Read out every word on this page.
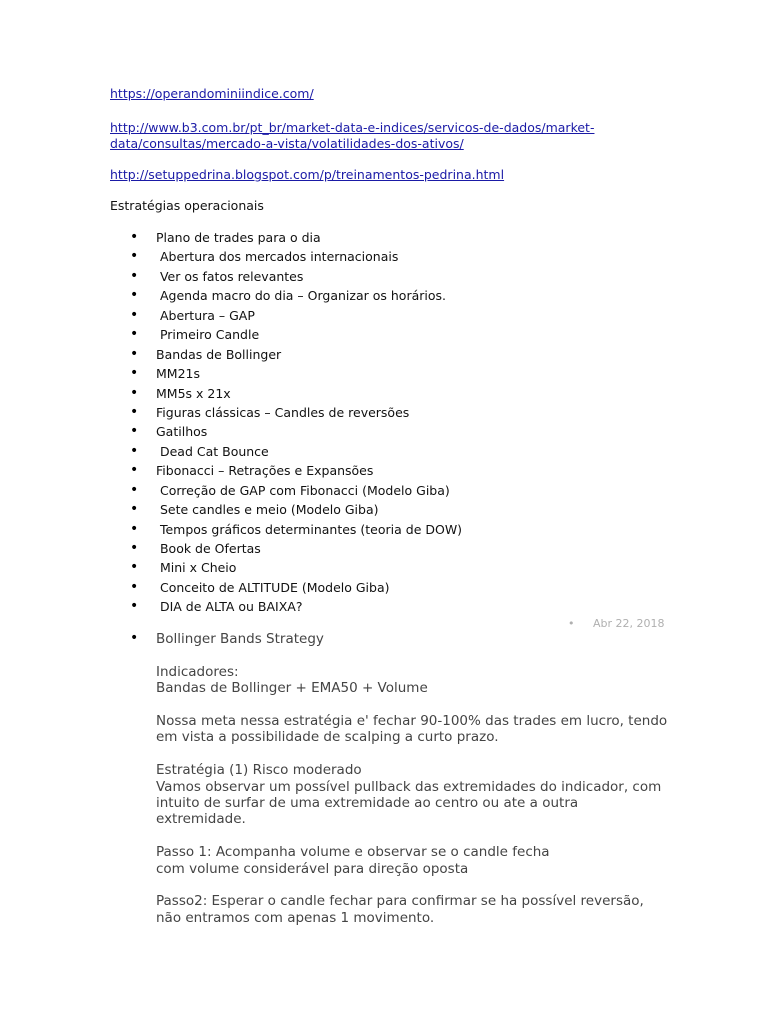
https://operandominiindice.com/
http://www.b3.com.br/pt_br/market-data-e-indices/servicos-de-dados/market-
data/consultas/mercado-a-vista/volatilidades-dos-ativos/
http://setuppedrina.blogspot.com/p/treinamentos-pedrina.html
Estratégias operacionais
• Plano de trades para o dia
•  Abertura dos mercados internacionais
•  Ver os fatos relevantes
•  Agenda macro do dia – Organizar os horários.
•  Abertura – GAP
•  Primeiro Candle
• Bandas de Bollinger
• MM21s
• MM5s x 21x
• Figuras clássicas – Candles de reversões
• Gatilhos
•  Dead Cat Bounce
• Fibonacci – Retrações e Expansões
•  Correção de GAP com Fibonacci (Modelo Giba)
•  Sete candles e meio (Modelo Giba)
•  Tempos gráficos determinantes (teoria de DOW)
•  Book de Ofertas
•  Mini x Cheio
•  Conceito de ALTITUDE (Modelo Giba)
•  DIA de ALTA ou BAIXA?
• Abr 22, 2018
• Bollinger Bands Strategy

Indicadores:
Bandas de Bollinger + EMA50 + Volume

Nossa meta nessa estratégia e' fechar 90-100% das trades em lucro, tendo
em vista a possibilidade de scalping a curto prazo.

Estratégia (1) Risco moderado
Vamos observar um possível pullback das extremidades do indicador, com
intuito de surfar de uma extremidade ao centro ou ate a outra
extremidade.

Passo 1: Acompanha volume e observar se o candle fecha
com volume considerável para direção oposta

Passo2: Esperar o candle fechar para confirmar se ha possível reversão,
não entramos com apenas 1 movimento.
